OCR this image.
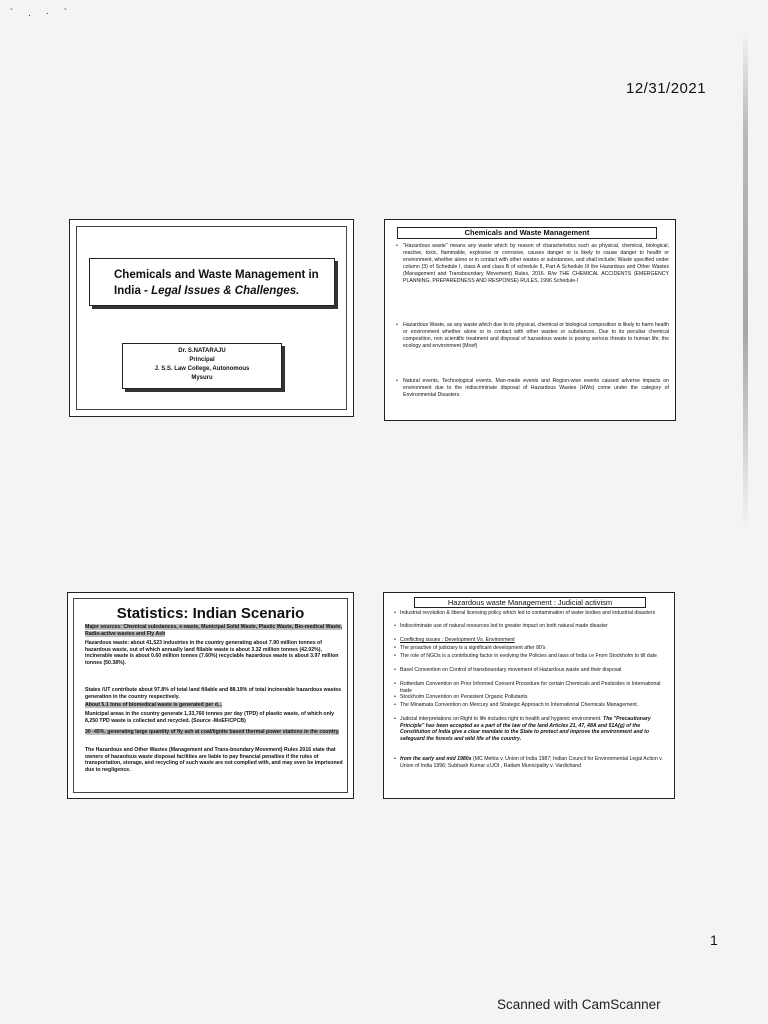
` . · `
12/31/2021
Chemicals and Waste Management in
India - Legal Issues & Challenges.
Dr. S.NATARAJU
Principal
J. S.S. Law College, Autonomous
Mysuru
Chemicals and Waste Management
• "Hazardous waste" means any waste which by reason of characteristics such as physical, chemical, biological, reactive, toxic, flammable, explosive or corrosive, causes danger or is likely to cause danger to health or environment, whether alone or in contact with other wastes or substances, and shall include; Waste specified under column (3) of Schedule I, class A and class B of schedule II, Part A Schedule III the Hazardous and Other Wastes (Management and Transboundary Movement) Rules, 2016. R/w THE CHEMICAL ACCIDENTS (EMERGENCY PLANNING, PREPAREDNESS AND RESPONSE) RULES, 1996 Schedule-I
• Hazardous Waste, as any waste which due to its physical, chemical or biological composition is likely to harm health or environment whether alone or in contact with other wastes or substances. Due to its peculiar chemical composition, non scientific treatment and disposal of hazardous waste is posing serious threats to human life, the ecology and environment (Moef)
• Natural events, Technological events, Man-made events and Region-wise events caused adverse impacts on environment due to the indiscriminate disposal of Hazardous Wastes (HWs) come under the category of Environmental Disasters.
Statistics: Indian Scenario
Major sources: Chemical substances, e-waste, Municipal Solid Waste, Plastic Waste, Bio-medical Waste, Radio-active wastes and Fly Ash
Hazardous waste: about 41,523 industries in the country generating about 7.90 million tonnes of hazardous waste, out of which annually land fillable waste is about 3.32 million tonnes (42.02%), incinerable waste is about 0.60 million tonnes (7.60%) recyclable hazardous waste is about 3.97 million tonnes (50.38%).
States /UT contribute about 97.8% of total land fillable and 88.19% of total incinerable hazardous wastes generation in the country respectively.
About 5.1 tons of biomedical waste is generated per d...
Municipal areas in the country generate 1,33,760 tonnes per day (TPD) of plastic waste, of which only 8,250 TPD waste is collected and recycled. (Source -MoEF/CPCB)
30 -45%, generating large quantity of fly ash at coal/lignite based thermal power stations in the country.
The Hazardous and Other Wastes (Management and Trans-boundary Movement) Rules 2016 state that owners of hazardous waste disposal facilities are liable to pay financial penalties if the rules of transportation, storage, and recycling of such waste are not complied with, and may even be imprisoned due to negligence.
Hazardous waste Management : Judicial activism
• Industrial revolution & liberal licensing policy which led to contamination of water bodies and industrial disasters
• Indiscriminate use of natural resources led to greater impact on both natural made disaster
• Conflicting issues : Development Vs. Environment
• The proactive of judiciary is a significant development after 80's
• The role of NGOs is a contributing factor in evolving the Policies and laws of India i.e From Stockholm to till date
• Basel Convention on Control of transboundary movement of Hazardous waste and their disposal
• Rotterdam Convention on Prior Informed Consent Procedure for certain Chemicals and Pesticides in International trade
• Stockholm Convention on Persistent Organic Pollutants
• The Minamata Convention on Mercury and Strategic Approach to International Chemicals Management.
• Judicial interpretations on Right to life includes right to health and hygienic environment. The "Precautionary Principle" has been accepted as a part of the law of the land Articles 21, 47, 48A and 51A(g) of the Constitution of India give a clear mandate to the State to protect and improve the environment and to safeguard the forests and wild life of the country.
• from the early and mid 1980s (MC Mehta v. Union of India 1987; Indian Council for Environmental Legal Action v. Union of India 1996; Subhash Kumar v.UOI , Ratlam Municipality v. Vardichand
1
Scanned with CamScanner
